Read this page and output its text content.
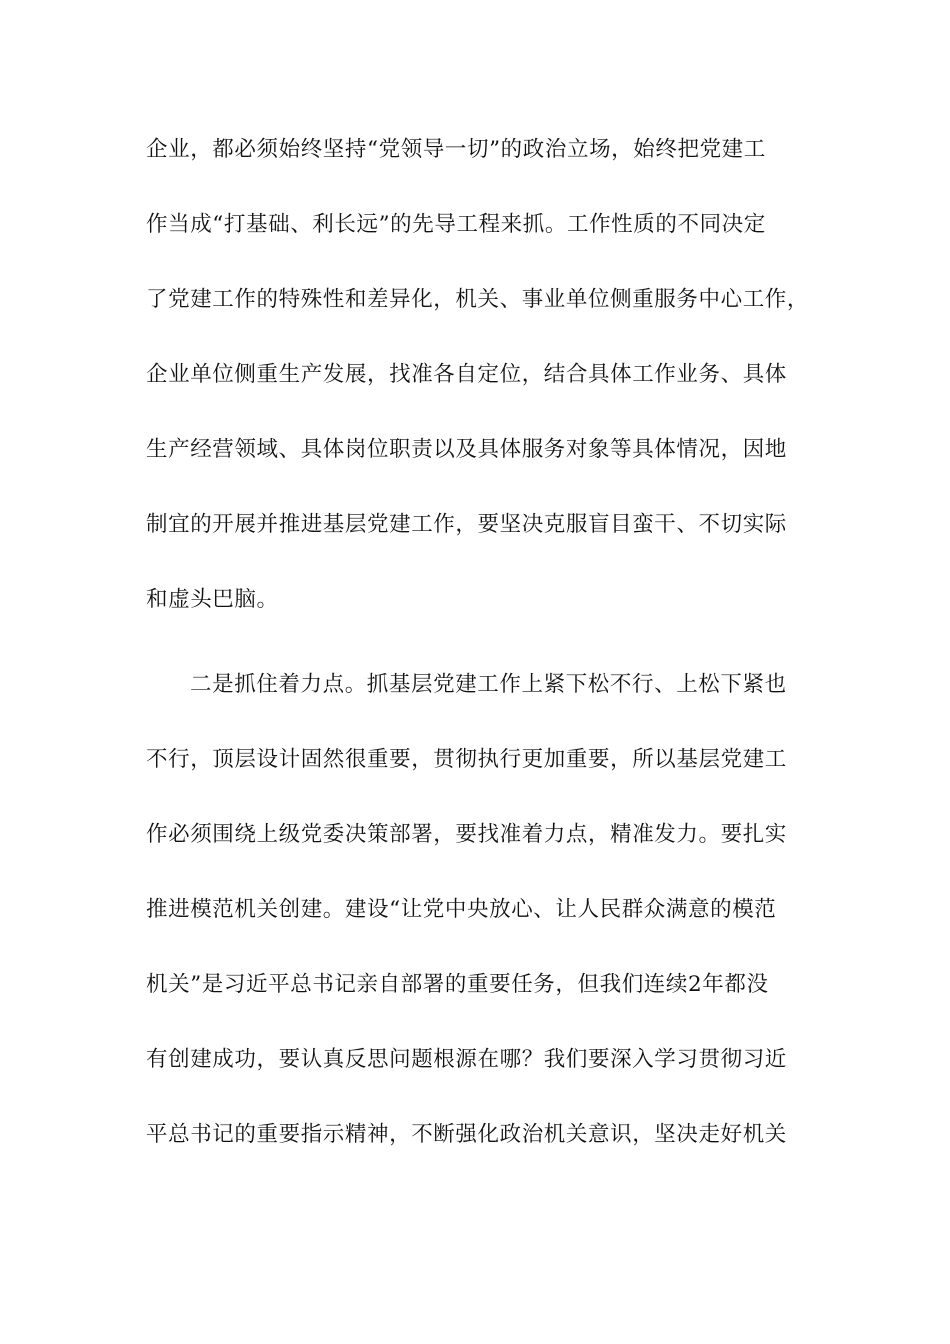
企业，都必须始终坚持“党领导一切”的政治立场，始终把党建工
作当成“打基础、利长远”的先导工程来抓。工作性质的不同决定
了党建工作的特殊性和差异化，机关、事业单位侧重服务中心工作，
企业单位侧重生产发展，找准各自定位，结合具体工作业务、具体
生产经营领域、具体岗位职责以及具体服务对象等具体情况，因地
制宜的开展并推进基层党建工作，要坚决克服盲目蛮干、不切实际
和虚头巴脑。
二是抓住着力点。抓基层党建工作上紧下松不行、上松下紧也
不行，顶层设计固然很重要，贯彻执行更加重要，所以基层党建工
作必须围绕上级党委决策部署，要找准着力点，精准发力。要扎实
推进模范机关创建。建设“让党中央放心、让人民群众满意的模范
机关”是习近平总书记亲自部署的重要任务，但我们连续2年都没
有创建成功，要认真反思问题根源在哪？我们要深入学习贯彻习近
平总书记的重要指示精神，不断强化政治机关意识，坚决走好机关
